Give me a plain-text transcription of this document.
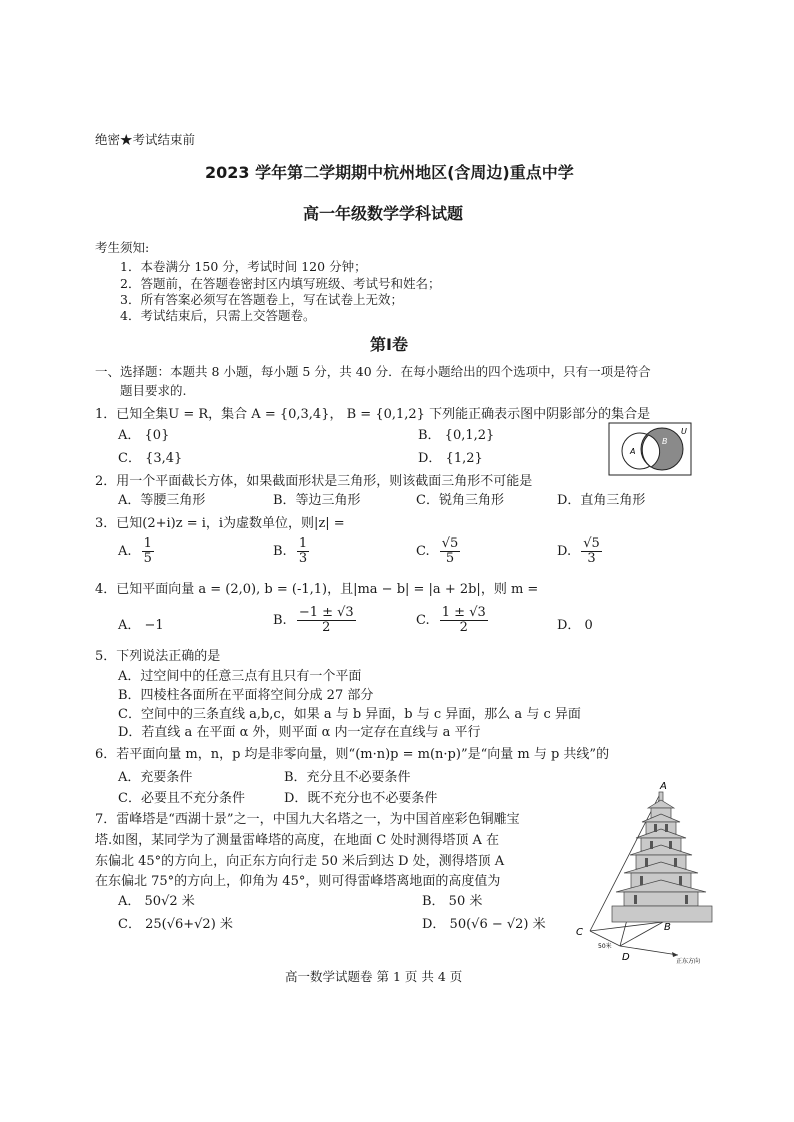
绝密★考试结束前
2023 学年第二学期期中杭州地区(含周边)重点中学
高一年级数学学科试题
考生须知:
1．本卷满分 150 分，考试时间 120 分钟；
2．答题前，在答题卷密封区内填写班级、考试号和姓名；
3．所有答案必须写在答题卷上，写在试卷上无效；
4．考试结束后，只需上交答题卷。
第Ⅰ卷
一、选择题：本题共 8 小题，每小题 5 分，共 40 分．在每小题给出的四个选项中，只有一项是符合
题目要求的.
1．已知全集U = R，集合 A = {0,3,4}， B = {0,1,2} 下列能正确表示图中阴影部分的集合是
A． {0}	B． {0,1,2}
C． {3,4}	D． {1,2}
U
A
B
2．用一个平面截长方体，如果截面形状是三角形，则该截面三角形不可能是
A．等腰三角形	B．等边三角形	C．锐角三角形	D．直角三角形
3．已知(2+i)z = i，i为虚数单位，则|z| =
A. $\frac{1}{5}$	B. $\frac{1}{3}$	C. $\frac{√5}{5}$	D. $\frac{√5}{3}$
4．已知平面向量 a = (2,0), b = (-1,1)，且|ma − b| = |a + 2b|，则 m =
A． −1	B. $\frac{-1 \pm √3}{2}$	C. $\frac{1 \pm √3}{2}$	D． 0
5．下列说法正确的是
A．过空间中的任意三点有且只有一个平面
B．四棱柱各面所在平面将空间分成 27 部分
C．空间中的三条直线 a,b,c，如果 a 与 b 异面，b 与 c 异面，那么 a 与 c 异面
D．若直线 a 在平面 α 外，则平面 α 内一定存在直线与 a 平行
6．若平面向量 m，n，p 均是非零向量，则“(m·n)p = m(n·p)”是“向量 m 与 p 共线”的
A．充要条件	B．充分且不必要条件
C．必要且不充分条件	D．既不充分也不必要条件
7．雷峰塔是“西湖十景”之一，中国九大名塔之一，为中国首座彩色铜雕宝
塔.如图，某同学为了测量雷峰塔的高度，在地面 C 处时测得塔顶 A 在
东偏北 45°的方向上，向正东方向行走 50 米后到达 D 处，测得塔顶 A
在东偏北 75°的方向上，仰角为 45°，则可得雷峰塔离地面的高度值为
A． 50√2 米	B． 50 米
C． 25(√6+√2) 米	D． 50(√6 − √2) 米
A
B
C
D
50米
正东方向
高一数学试题卷 第 1 页 共 4 页
